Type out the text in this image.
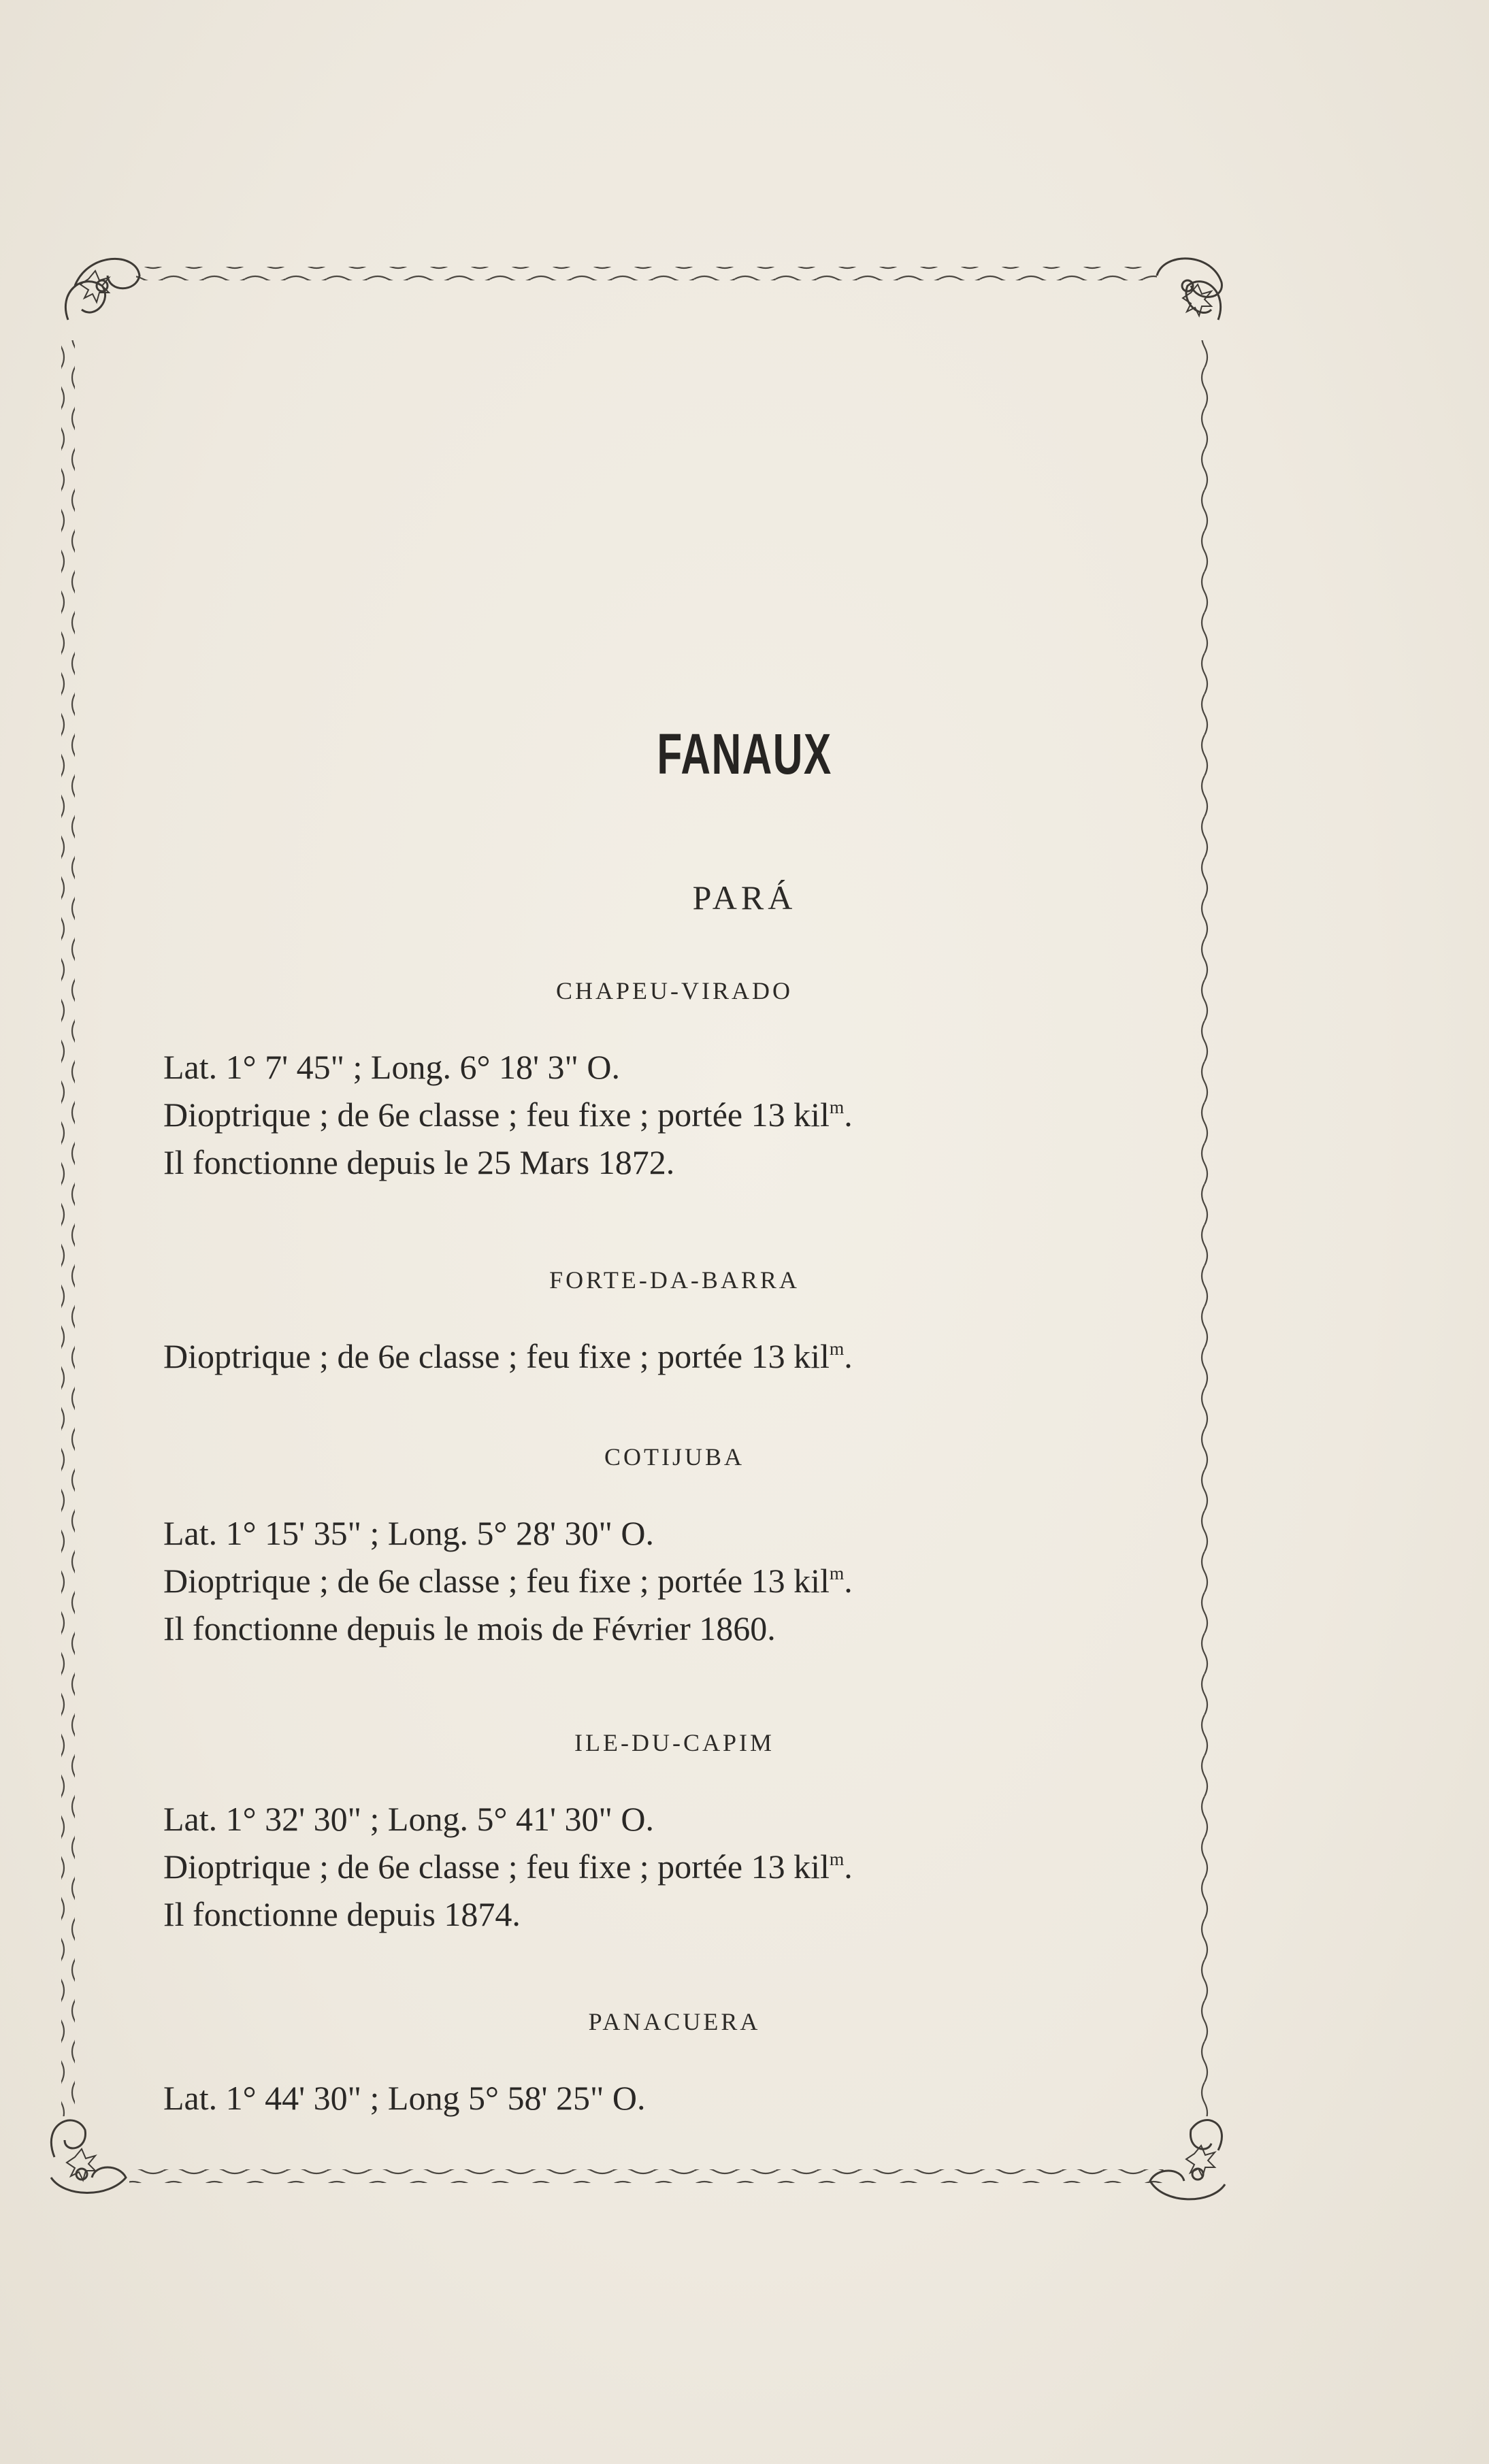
FANAUX
PARÁ

CHAPEU-VIRADO

Lat. 1° 7' 45" ; Long. 6° 18' 3" O.

Dioptrique ; de 6e classe ; feu fixe ; portée 13 kil$^m$.

Il fonctionne depuis le 25 Mars 1872.

FORTE-DA-BARRA

Dioptrique ; de 6e classe ; feu fixe ; portée 13 kil$^m$.

COTIJUBA

Lat. 1° 15' 35" ; Long. 5° 28' 30" O.

Dioptrique ; de 6e classe ; feu fixe ; portée 13 kil$^m$.

Il fonctionne depuis le mois de Février 1860.

ILE-DU-CAPIM

Lat. 1° 32' 30" ; Long. 5° 41' 30" O.

Dioptrique ; de 6e classe ; feu fixe ; portée 13 kil$^m$.

Il fonctionne depuis 1874.

PANACUERA

Lat. 1° 44' 30" ; Long 5° 58' 25" O.
